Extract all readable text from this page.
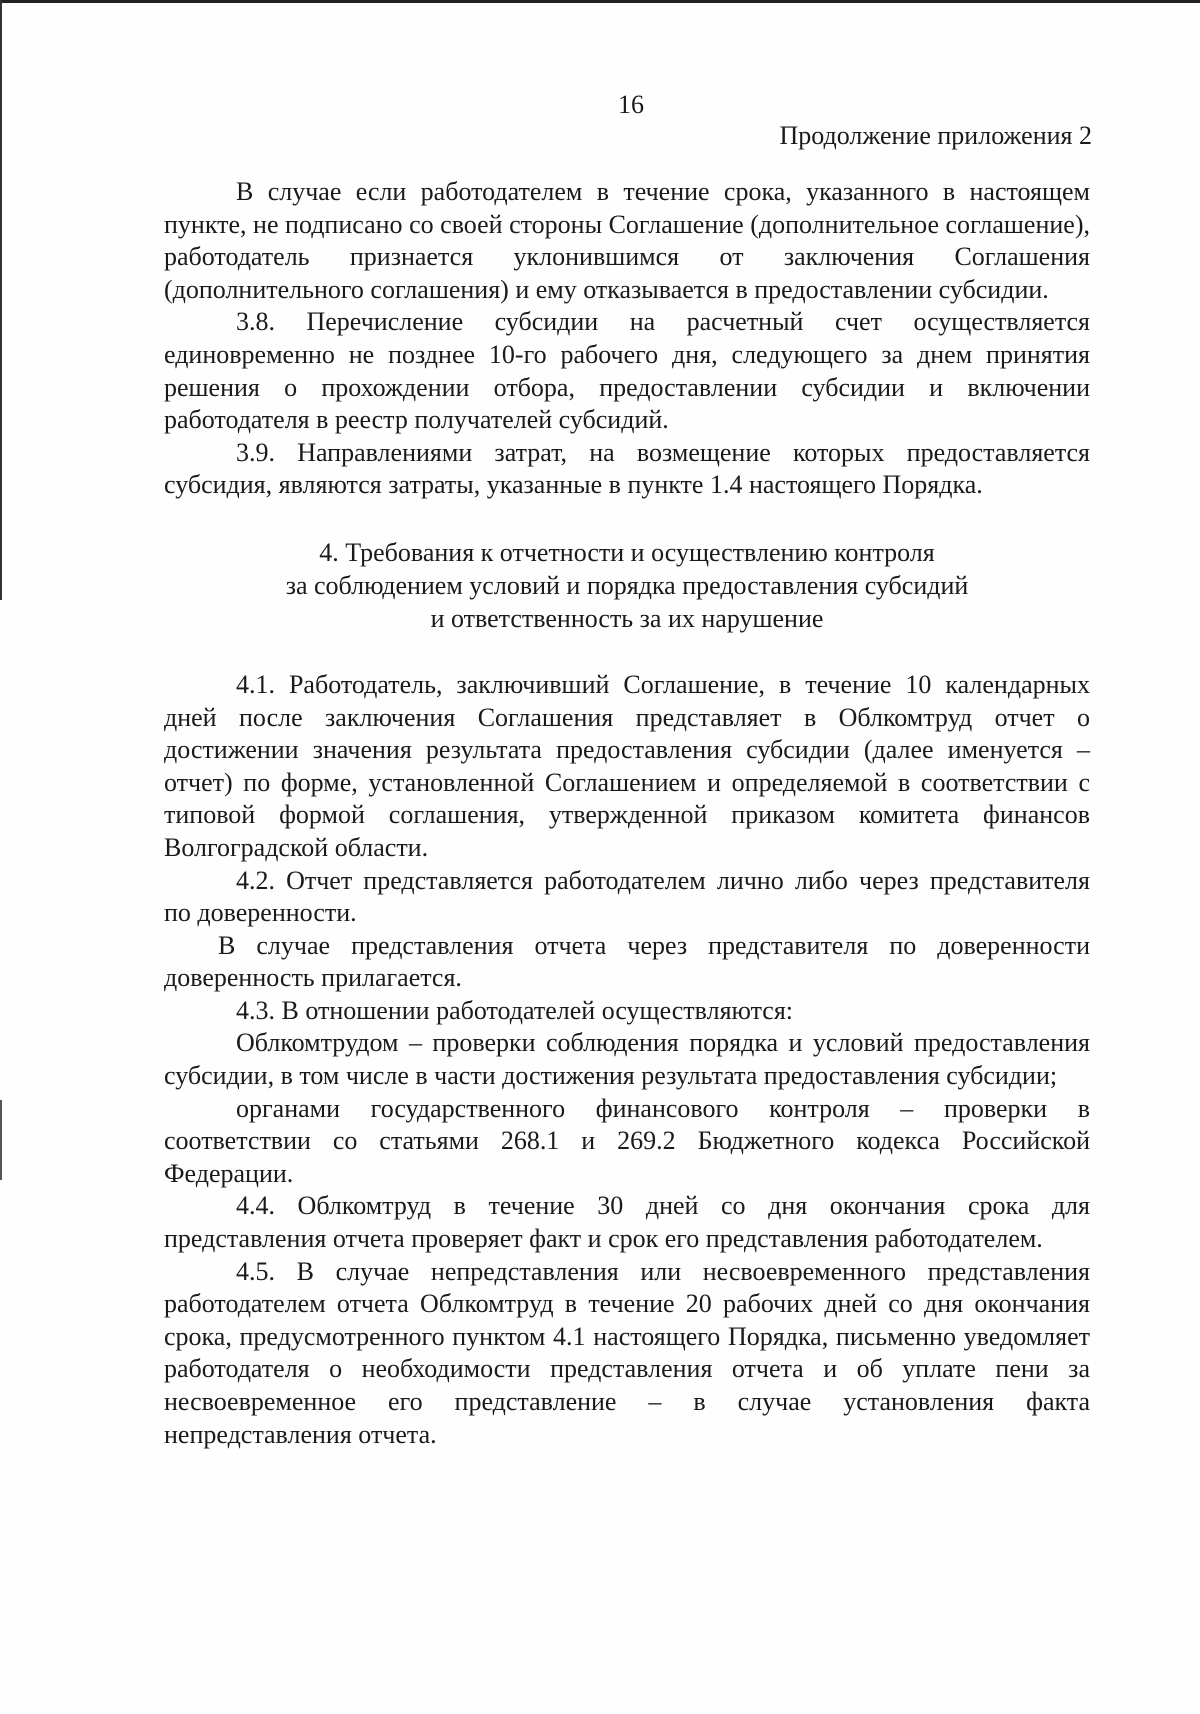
16
Продолжение приложения 2

В случае если работодателем в течение срока, указанного в настоящем пункте, не подписано со своей стороны Соглашение (дополнительное соглашение), работодатель признается уклонившимся от заключения Соглашения (дополнительного соглашения) и ему отказывается в предоставлении субсидии.

3.8. Перечисление субсидии на расчетный счет осуществляется единовременно не позднее 10-го рабочего дня, следующего за днем принятия решения о прохождении отбора, предоставлении субсидии и включении работодателя в реестр получателей субсидий.

3.9. Направлениями затрат, на возмещение которых предоставляется субсидия, являются затраты, указанные в пункте 1.4 настоящего Порядка.

4. Требования к отчетности и осуществлению контроля
за соблюдением условий и порядка предоставления субсидий
и ответственность за их нарушение

4.1. Работодатель, заключивший Соглашение, в течение 10 календарных дней после заключения Соглашения представляет в Облкомтруд отчет о достижении значения результата предоставления субсидии (далее именуется – отчет) по форме, установленной Соглашением и определяемой в соответствии с типовой формой соглашения, утвержденной приказом комитета финансов Волгоградской области.

4.2. Отчет представляется работодателем лично либо через представителя по доверенности.

В случае представления отчета через представителя по доверенности доверенность прилагается.

4.3. В отношении работодателей осуществляются:

Облкомтрудом – проверки соблюдения порядка и условий предоставления субсидии, в том числе в части достижения результата предоставления субсидии;

органами государственного финансового контроля – проверки в соответствии со статьями 268.1 и 269.2 Бюджетного кодекса Российской Федерации.

4.4. Облкомтруд в течение 30 дней со дня окончания срока для представления отчета проверяет факт и срок его представления работодателем.

4.5. В случае непредставления или несвоевременного представления работодателем отчета Облкомтруд в течение 20 рабочих дней со дня окончания срока, предусмотренного пунктом 4.1 настоящего Порядка, письменно уведомляет работодателя о необходимости представления отчета и об уплате пени за несвоевременное его представление – в случае установления факта непредставления отчета.
